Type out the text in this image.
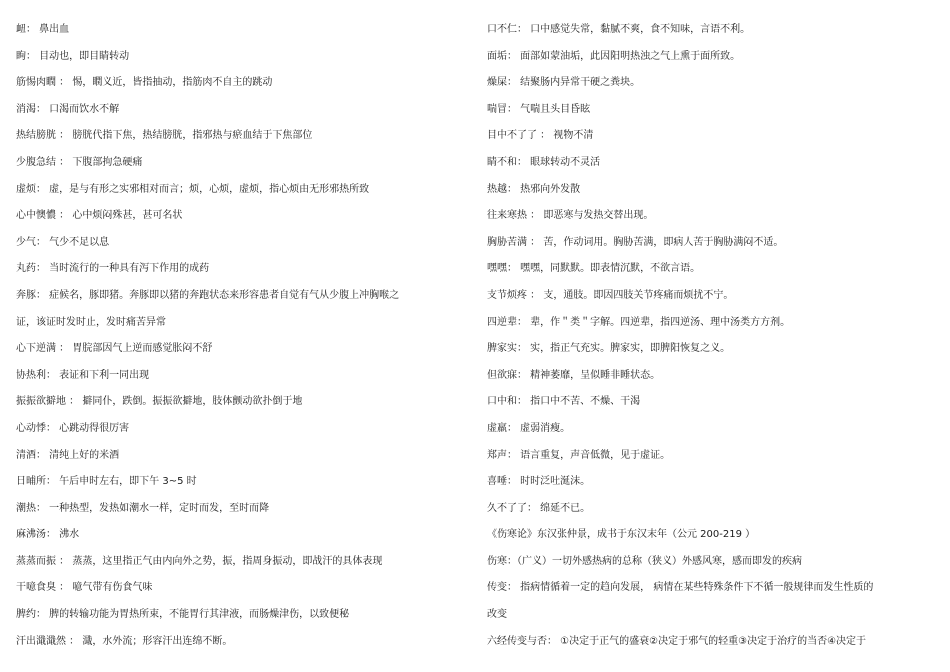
衄： 鼻出血
眴： 目动也，即目睛转动
筋惕肉瞤 ： 惕，瞤义近，皆指抽动，指筋肉不自主的跳动
消渴： 口渴而饮水不解
热结膀胱 ： 膀胱代指下焦，热结膀胱，指邪热与瘀血结于下焦部位
少腹急结 ： 下腹部拘急硬痛
虚烦： 虚，是与有形之实邪相对而言；烦，心烦，虚烦，指心烦由无形邪热所致
心中懊憹 ： 心中烦闷殊甚，甚可名状
少气： 气少不足以息
丸药： 当时流行的一种具有泻下作用的成药
奔豚： 症候名，豚即猪。奔豚即以猪的奔跑状态来形容患者自觉有气从少腹上冲胸喉之
证，该证时发时止，发时痛苦异常
心下逆满 ： 胃脘部因气上逆而感觉胀闷不舒
协热利： 表证和下利一同出现
振振欲擗地 ： 擗同仆，跌倒。振振欲擗地，肢体颤动欲扑倒于地
心动悸： 心跳动得很厉害
清酒： 清纯上好的米酒
日晡所： 午后申时左右，即下午 3~5 时
潮热： 一种热型，发热如潮水一样，定时而发，至时而降
麻沸汤： 沸水
蒸蒸而振 ： 蒸蒸，这里指正气由内向外之势，振，指周身振动，即战汗的具体表现
干噫食臭 ： 噫气带有伤食气味
脾约： 脾的转输功能为胃热所束，不能胃行其津液，而肠燥津伤，以致便秘
汗出濈濈然 ： 濈，水外流；形容汗出连绵不断。
口不仁： 口中感觉失常，黏腻不爽，食不知味，言语不利。
面垢： 面部如蒙油垢，此因阳明热浊之气上熏于面所致。
燥屎： 结聚肠内异常干硬之粪块。
喘冒： 气喘且头目昏眩
目中不了了 ： 视物不清
睛不和： 眼球转动不灵活
热越： 热邪向外发散
往来寒热 ： 即恶寒与发热交替出现。
胸胁苦满 ： 苦，作动词用。胸胁苦满，即病人苦于胸胁满闷不适。
嘿嘿： 嘿嘿，同默默。即表情沉默，不欲言语。
支节烦疼 ： 支，通肢。即因四肢关节疼痛而烦扰不宁。
四逆辈： 辈，作＂类＂字解。四逆辈，指四逆汤、理中汤类方方剂。
脾家实： 实，指正气充实。脾家实，即脾阳恢复之义。
但欲寐： 精神萎靡，呈似睡非睡状态。
口中和： 指口中不苦、不燥、干渴
虚羸： 虚弱消瘦。
郑声： 语言重复，声音低微，见于虚证。
喜唾： 时时泛吐涎沫。
久不了了： 绵延不已。
《伤寒论》东汉张仲景，成书于东汉末年（公元 200-219 ）
伤寒：（广义）一切外感热病的总称（狭义）外感风寒，感而即发的疾病
传变： 指病情循着一定的趋向发展， 病情在某些特殊条件下不循一般规律而发生性质的
改变
六经传变与否： ①决定于正气的盛衰②决定于邪气的轻重③决定于治疗的当否④决定于
